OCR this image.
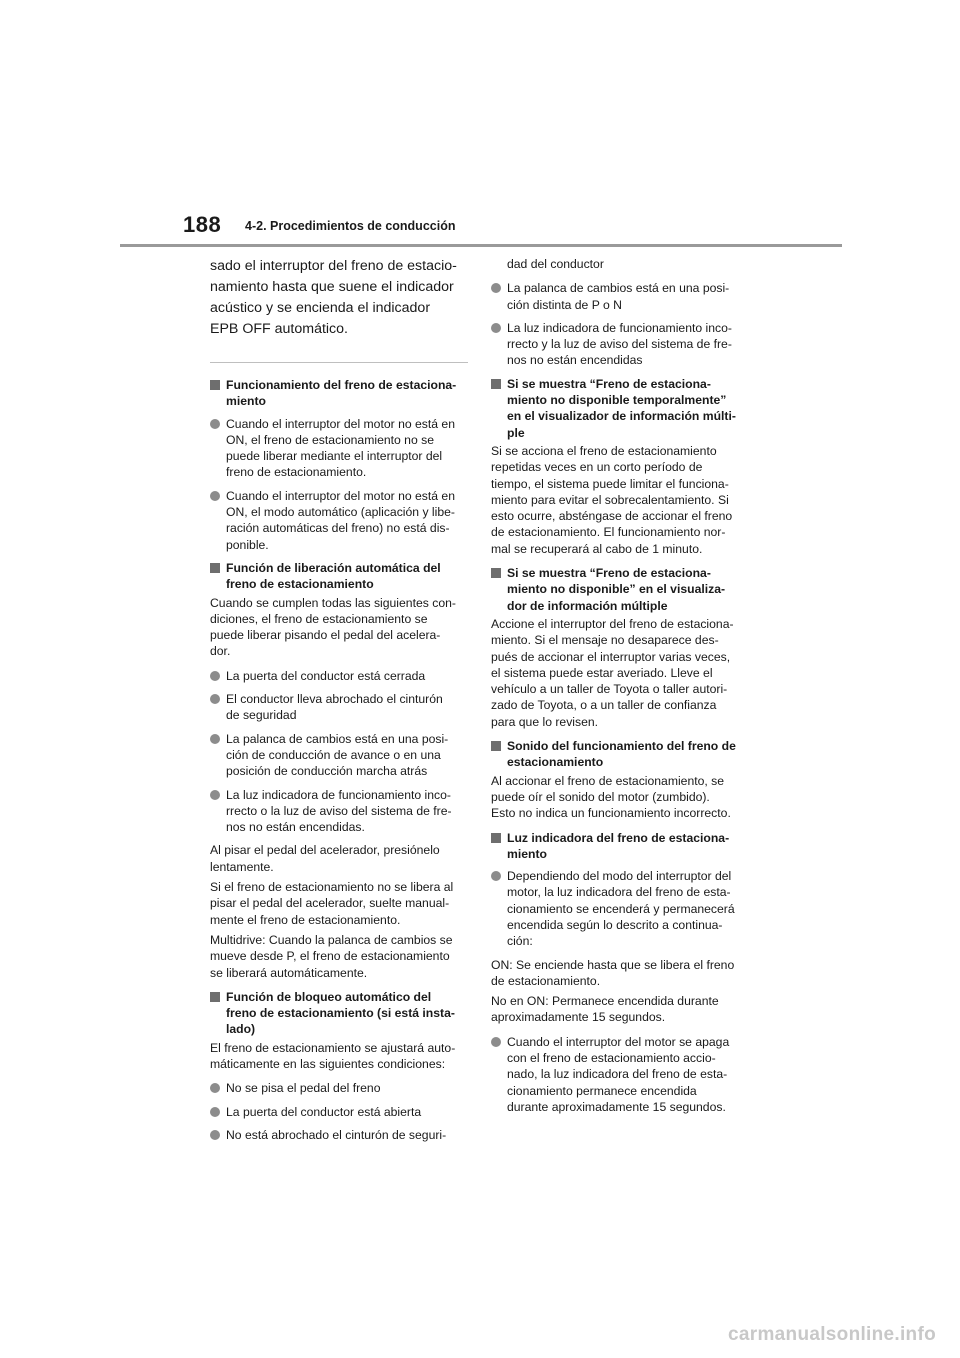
188 4-2. Procedimientos de conducción
sado el interruptor del freno de estacio-
namiento hasta que suene el indicador
acústico y se encienda el indicador
EPB OFF automático.
Funcionamiento del freno de estaciona-
miento
Cuando el interruptor del motor no está en
ON, el freno de estacionamiento no se
puede liberar mediante el interruptor del
freno de estacionamiento.
Cuando el interruptor del motor no está en
ON, el modo automático (aplicación y libe-
ración automáticas del freno) no está dis-
ponible.
Función de liberación automática del
freno de estacionamiento
Cuando se cumplen todas las siguientes con-
diciones, el freno de estacionamiento se
puede liberar pisando el pedal del acelera-
dor.
La puerta del conductor está cerrada
El conductor lleva abrochado el cinturón
de seguridad
La palanca de cambios está en una posi-
ción de conducción de avance o en una
posición de conducción marcha atrás
La luz indicadora de funcionamiento inco-
rrecto o la luz de aviso del sistema de fre-
nos no están encendidas.
Al pisar el pedal del acelerador, presiónelo
lentamente.
Si el freno de estacionamiento no se libera al
pisar el pedal del acelerador, suelte manual-
mente el freno de estacionamiento.
Multidrive: Cuando la palanca de cambios se
mueve desde P, el freno de estacionamiento
se liberará automáticamente.
Función de bloqueo automático del
freno de estacionamiento (si está insta-
lado)
El freno de estacionamiento se ajustará auto-
máticamente en las siguientes condiciones:
No se pisa el pedal del freno
La puerta del conductor está abierta
No está abrochado el cinturón de seguri-
dad del conductor
La palanca de cambios está en una posi-
ción distinta de P o N
La luz indicadora de funcionamiento inco-
rrecto y la luz de aviso del sistema de fre-
nos no están encendidas
Si se muestra “Freno de estaciona-
miento no disponible temporalmente”
en el visualizador de información múlti-
ple
Si se acciona el freno de estacionamiento
repetidas veces en un corto período de
tiempo, el sistema puede limitar el funciona-
miento para evitar el sobrecalentamiento. Si
esto ocurre, absténgase de accionar el freno
de estacionamiento. El funcionamiento nor-
mal se recuperará al cabo de 1 minuto.
Si se muestra “Freno de estaciona-
miento no disponible” en el visualiza-
dor de información múltiple
Accione el interruptor del freno de estaciona-
miento. Si el mensaje no desaparece des-
pués de accionar el interruptor varias veces,
el sistema puede estar averiado. Lleve el
vehículo a un taller de Toyota o taller autori-
zado de Toyota, o a un taller de confianza
para que lo revisen.
Sonido del funcionamiento del freno de
estacionamiento
Al accionar el freno de estacionamiento, se
puede oír el sonido del motor (zumbido).
Esto no indica un funcionamiento incorrecto.
Luz indicadora del freno de estaciona-
miento
Dependiendo del modo del interruptor del
motor, la luz indicadora del freno de esta-
cionamiento se encenderá y permanecerá
encendida según lo descrito a continua-
ción:
ON: Se enciende hasta que se libera el freno
de estacionamiento.
No en ON: Permanece encendida durante
aproximadamente 15 segundos.
Cuando el interruptor del motor se apaga
con el freno de estacionamiento accio-
nado, la luz indicadora del freno de esta-
cionamiento permanece encendida
durante aproximadamente 15 segundos.
carmanualsonline.info
